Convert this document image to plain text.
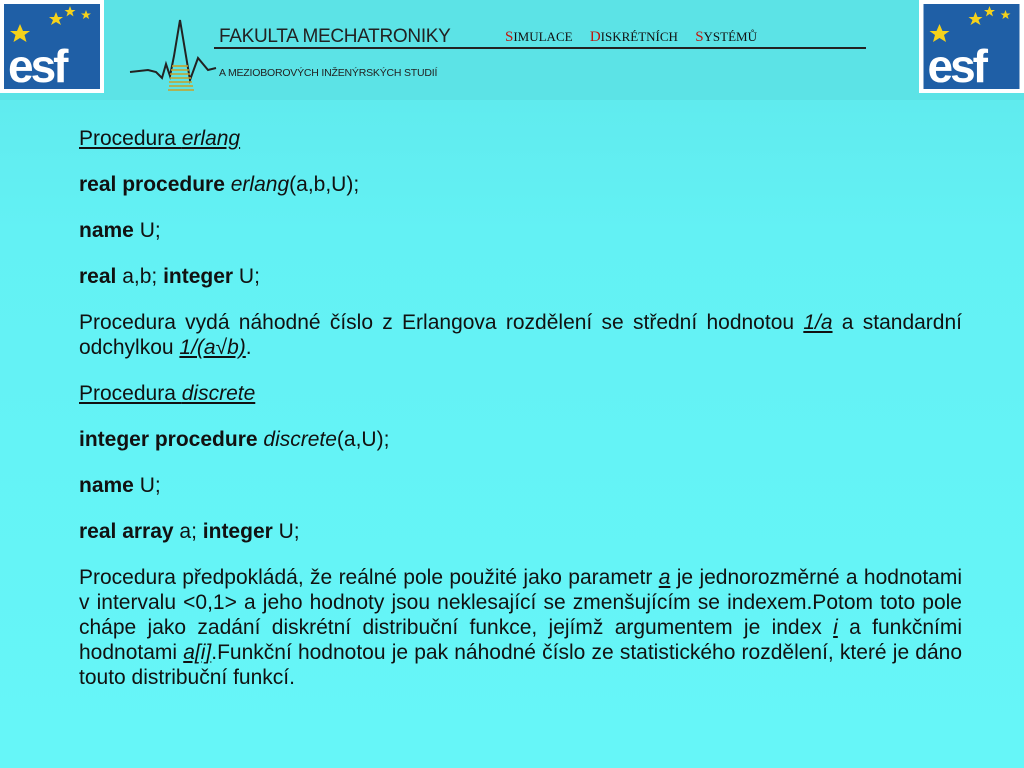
esf
FAKULTA MECHATRONIKY
A MEZIOBOROVÝCH INŽENÝRSKÝCH STUDIÍ
SIMULACE DISKRÉTNÍCH SYSTÉMŮ
esf

Procedura erlang

real procedure erlang(a,b,U);

name U;

real a,b; integer U;

Procedura vydá náhodné číslo z Erlangova rozdělení se střední hodnotou 1/a a standardní odchylkou 1/(a√b).

Procedura discrete

integer procedure discrete(a,U);

name U;

real array a; integer U;

Procedura předpokládá, že reálné pole použité jako parametr a je jednorozměrné a hodnotami v intervalu <0,1> a jeho hodnoty jsou neklesající se zmenšujícím se indexem.Potom toto pole chápe jako zadání diskrétní distribuční funkce, jejímž argumentem je index i a funkčními hodnotami a[i].Funkční hodnotou je pak náhodné číslo ze statistického rozdělení, které je dáno touto distribuční funkcí.
